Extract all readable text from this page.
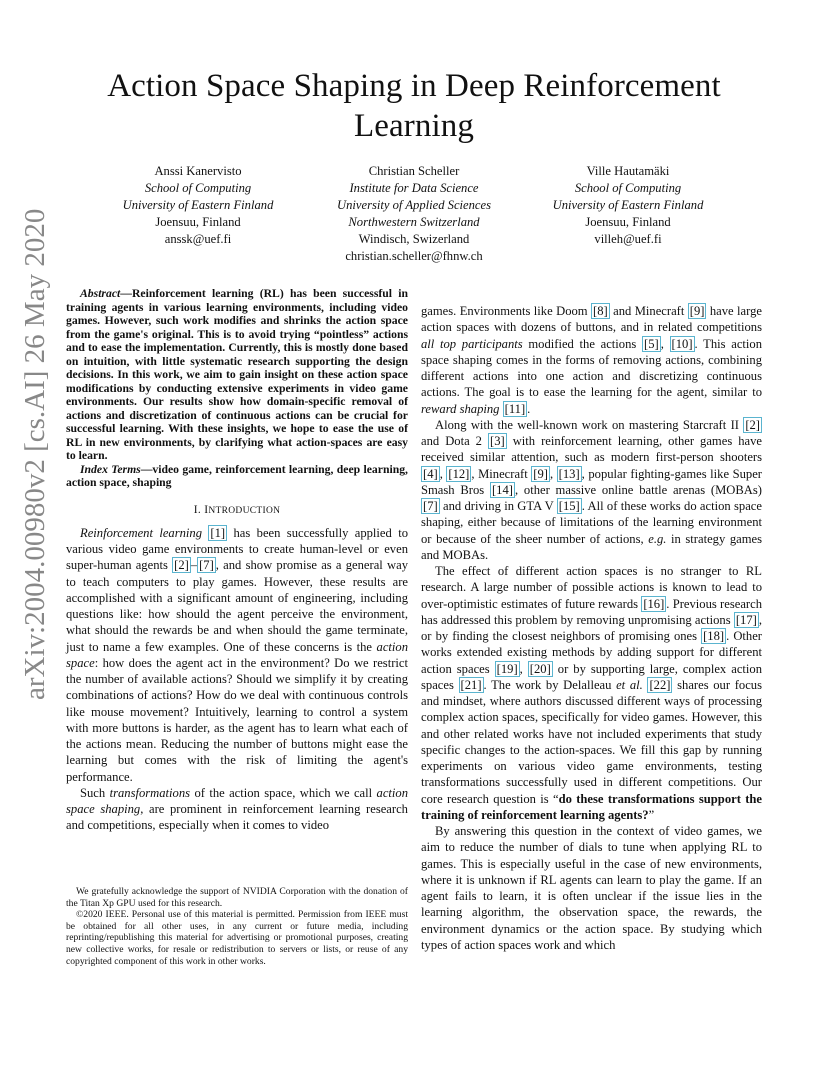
arXiv:2004.00980v2 [cs.AI] 26 May 2020
Action Space Shaping in Deep Reinforcement Learning
Anssi Kanervisto
School of Computing
University of Eastern Finland
Joensuu, Finland
anssk@uef.fi
Christian Scheller
Institute for Data Science
University of Applied Sciences
Northwestern Switzerland
Windisch, Swizerland
christian.scheller@fhnw.ch
Ville Hautamäki
School of Computing
University of Eastern Finland
Joensuu, Finland
villeh@uef.fi

Abstract—Reinforcement learning (RL) has been successful in training agents in various learning environments, including video games. However, such work modifies and shrinks the action space from the game's original. This is to avoid trying “pointless” actions and to ease the implementation. Currently, this is mostly done based on intuition, with little systematic research supporting the design decisions. In this work, we aim to gain insight on these action space modifications by conducting extensive experiments in video game environments. Our results show how domain-specific removal of actions and discretization of continuous actions can be crucial for successful learning. With these insights, we hope to ease the use of RL in new environments, by clarifying what action-spaces are easy to learn.

Index Terms—video game, reinforcement learning, deep learning, action space, shaping

I. INTRODUCTION

Reinforcement learning [1] has been successfully applied to various video game environments to create human-level or even super-human agents [2] – [7] , and show promise as a general way to teach computers to play games. However, these results are accomplished with a significant amount of engineering, including questions like: how should the agent perceive the environment, what should the rewards be and when should the game terminate, just to name a few examples. One of these concerns is the action space: how does the agent act in the environment? Do we restrict the number of available actions? Should we simplify it by creating combinations of actions? How do we deal with continuous controls like mouse movement? Intuitively, learning to control a system with more buttons is harder, as the agent has to learn what each of the actions mean. Reducing the number of buttons might ease the learning but comes with the risk of limiting the agent's performance.

Such transformations of the action space, which we call action space shaping, are prominent in reinforcement learning research and competitions, especially when it comes to video

We gratefully acknowledge the support of NVIDIA Corporation with the donation of the Titan Xp GPU used for this research.

©2020 IEEE. Personal use of this material is permitted. Permission from IEEE must be obtained for all other uses, in any current or future media, including reprinting/republishing this material for advertising or promotional purposes, creating new collective works, for resale or redistribution to servers or lists, or reuse of any copyrighted component of this work in other works.

games. Environments like Doom [8] and Minecraft [9] have large action spaces with dozens of buttons, and in related competitions all top participants modified the actions [5] , [10] . This action space shaping comes in the forms of removing actions, combining different actions into one action and discretizing continuous actions. The goal is to ease the learning for the agent, similar to reward shaping [11] .

Along with the well-known work on mastering Starcraft II [2] and Dota 2 [3] with reinforcement learning, other games have received similar attention, such as modern first-person shooters [4] , [12] , Minecraft [9] , [13] , popular fighting-games like Super Smash Bros [14] , other massive online battle arenas (MOBAs) [7] and driving in GTA V [15] . All of these works do action space shaping, either because of limitations of the learning environment or because of the sheer number of actions, e.g. in strategy games and MOBAs.

The effect of different action spaces is no stranger to RL research. A large number of possible actions is known to lead to over-optimistic estimates of future rewards [16] . Previous research has addressed this problem by removing unpromising actions [17] , or by finding the closest neighbors of promising ones [18] . Other works extended existing methods by adding support for different action spaces [19] , [20] or by supporting large, complex action spaces [21] . The work by Delalleau et al. [22] shares our focus and mindset, where authors discussed different ways of processing complex action spaces, specifically for video games. However, this and other related works have not included experiments that study specific changes to the action-spaces. We fill this gap by running experiments on various video game environments, testing transformations successfully used in different competitions. Our core research question is “do these transformations support the training of reinforcement learning agents?”

By answering this question in the context of video games, we aim to reduce the number of dials to tune when applying RL to games. This is especially useful in the case of new environments, where it is unknown if RL agents can learn to play the game. If an agent fails to learn, it is often unclear if the issue lies in the learning algorithm, the observation space, the rewards, the environment dynamics or the action space. By studying which types of action spaces work and which
